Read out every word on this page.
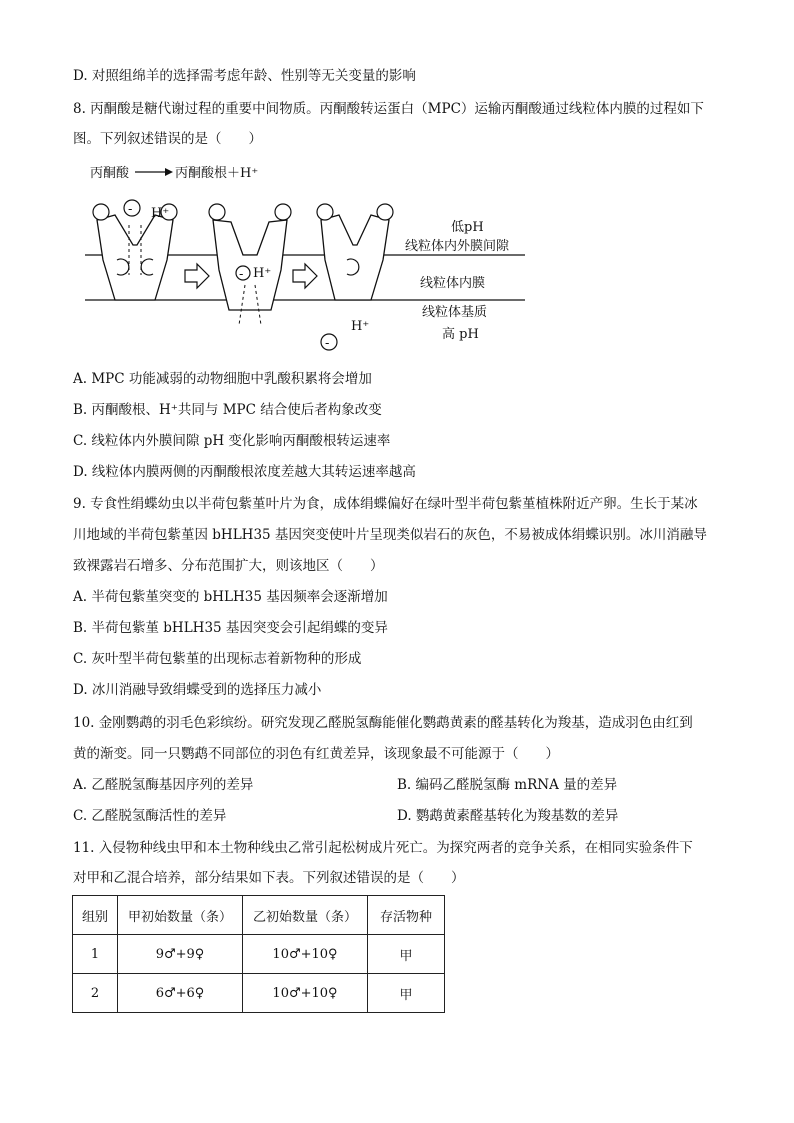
D. 对照组绵羊的选择需考虑年龄、性别等无关变量的影响
8. 丙酮酸是糖代谢过程的重要中间物质。丙酮酸转运蛋白（MPC）运输丙酮酸通过线粒体内膜的过程如下
图。下列叙述错误的是（　　）
丙酮酸	丙酮酸根＋H⁺
- H⁺
- H⁺
H⁺
-
低pH
线粒体内外膜间隙
线粒体内膜
线粒体基质
高 pH
A. MPC 功能减弱的动物细胞中乳酸积累将会增加
B. 丙酮酸根、H⁺共同与 MPC 结合使后者构象改变
C. 线粒体内外膜间隙 pH 变化影响丙酮酸根转运速率
D. 线粒体内膜两侧的丙酮酸根浓度差越大其转运速率越高
9. 专食性绢蝶幼虫以半荷包紫堇叶片为食，成体绢蝶偏好在绿叶型半荷包紫堇植株附近产卵。生长于某冰
川地域的半荷包紫堇因 bHLH35 基因突变使叶片呈现类似岩石的灰色，不易被成体绢蝶识别。冰川消融导
致裸露岩石增多、分布范围扩大，则该地区（　　）
A. 半荷包紫堇突变的 bHLH35 基因频率会逐渐增加
B. 半荷包紫堇 bHLH35 基因突变会引起绢蝶的变异
C. 灰叶型半荷包紫堇的出现标志着新物种的形成
D. 冰川消融导致绢蝶受到的选择压力减小
10. 金刚鹦鹉的羽毛色彩缤纷。研究发现乙醛脱氢酶能催化鹦鹉黄素的醛基转化为羧基，造成羽色由红到
黄的渐变。同一只鹦鹉不同部位的羽色有红黄差异，该现象最不可能源于（　　）
A. 乙醛脱氢酶基因序列的差异	B. 编码乙醛脱氢酶 mRNA 量的差异
C. 乙醛脱氢酶活性的差异	D. 鹦鹉黄素醛基转化为羧基数的差异
11. 入侵物种线虫甲和本土物种线虫乙常引起松树成片死亡。为探究两者的竞争关系，在相同实验条件下
对甲和乙混合培养，部分结果如下表。下列叙述错误的是（　　）
组别	甲初始数量（条）	乙初始数量（条）	存活物种
1	9♂+9♀	10♂+10♀	甲
2	6♂+6♀	10♂+10♀	甲
